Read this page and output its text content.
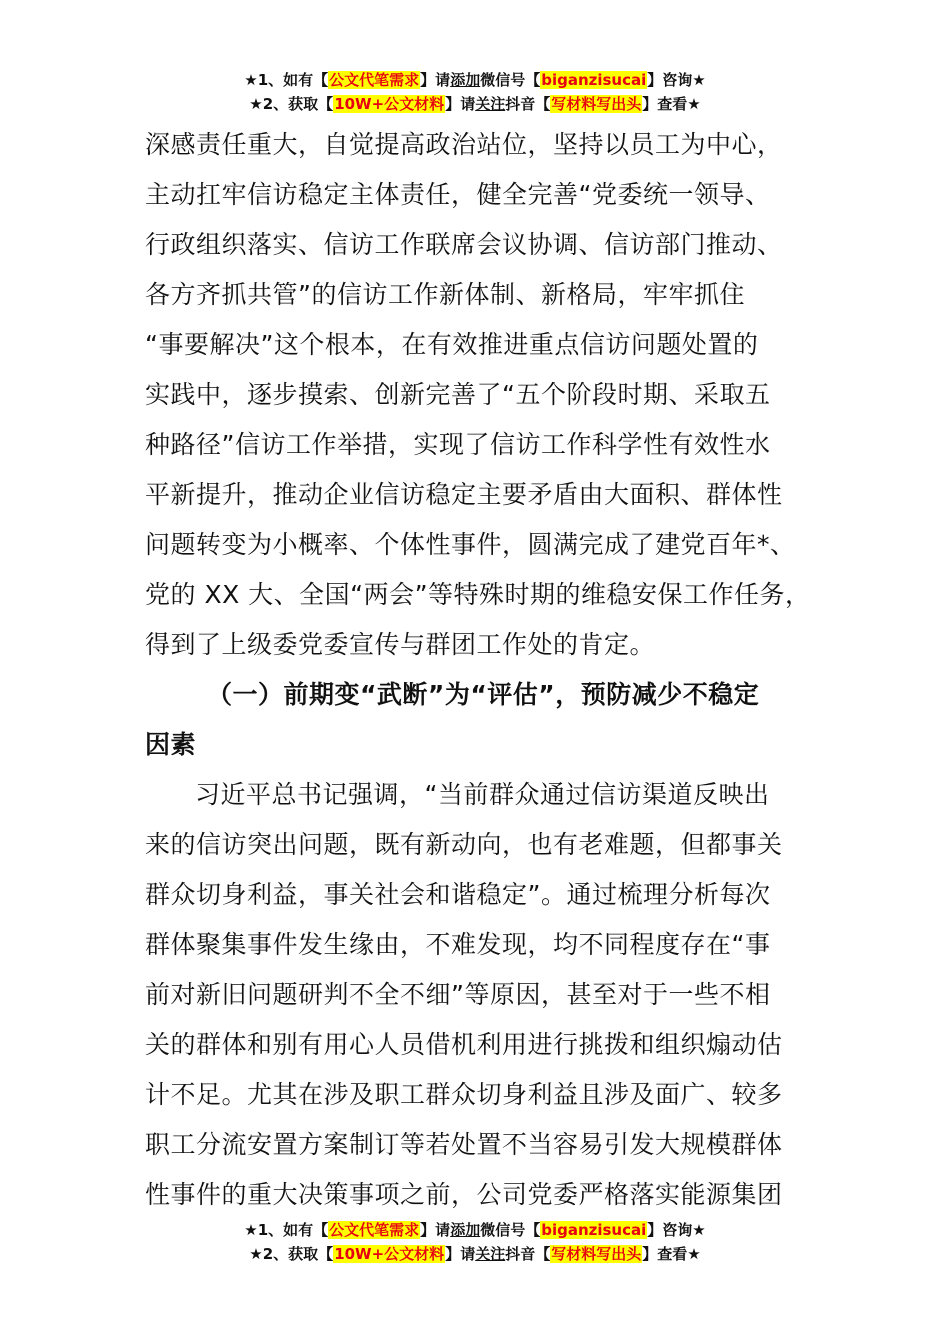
★1、如有【公文代笔需求】请添加微信号【biganzisucai】咨询★
★2、获取【10W+公文材料】请关注抖音【写材料写出头】查看★
深感责任重大，自觉提高政治站位，坚持以员工为中心，
主动扛牢信访稳定主体责任，健全完善“党委统一领导、
行政组织落实、信访工作联席会议协调、信访部门推动、
各方齐抓共管”的信访工作新体制、新格局，牢牢抓住
“事要解决”这个根本，在有效推进重点信访问题处置的
实践中，逐步摸索、创新完善了“五个阶段时期、采取五
种路径”信访工作举措，实现了信访工作科学性有效性水
平新提升，推动企业信访稳定主要矛盾由大面积、群体性
问题转变为小概率、个体性事件，圆满完成了建党百年*、
党的 XX 大、全国“两会”等特殊时期的维稳安保工作任务，
得到了上级委党委宣传与群团工作处的肯定。
（一）前期变“武断”为“评估”，预防减少不稳定
因素
习近平总书记强调，“当前群众通过信访渠道反映出
来的信访突出问题，既有新动向，也有老难题，但都事关
群众切身利益，事关社会和谐稳定”。通过梳理分析每次
群体聚集事件发生缘由，不难发现，均不同程度存在“事
前对新旧问题研判不全不细”等原因，甚至对于一些不相
关的群体和别有用心人员借机利用进行挑拨和组织煽动估
计不足。尤其在涉及职工群众切身利益且涉及面广、较多
职工分流安置方案制订等若处置不当容易引发大规模群体
性事件的重大决策事项之前，公司党委严格落实能源集团
★1、如有【公文代笔需求】请添加微信号【biganzisucai】咨询★
★2、获取【10W+公文材料】请关注抖音【写材料写出头】查看★
